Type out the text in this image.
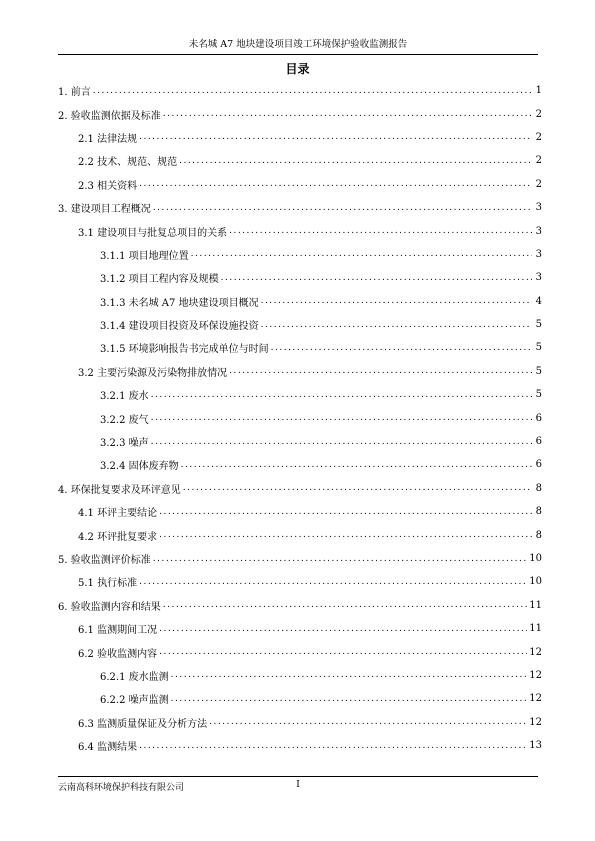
未名城 A7 地块建设项目竣工环境保护验收监测报告
目录
1. 前言 .....	1
2. 验收监测依据及标准 .....	2
2.1 法律法规 .....	2
2.2 技术、规范、规范 .....	2
2.3 相关资料 .....	2
3. 建设项目工程概况 .....	3
3.1 建设项目与批复总项目的关系 .....	3
3.1.1 项目地理位置 .....	3
3.1.2 项目工程内容及规模 .....	3
3.1.3 未名城 A7 地块建设项目概况 .....	4
3.1.4 建设项目投资及环保设施投资 .....	5
3.1.5 环境影响报告书完成单位与时间 .....	5
3.2 主要污染源及污染物排放情况 .....	5
3.2.1 废水 .....	5
3.2.2 废气 .....	6
3.2.3 噪声 .....	6
3.2.4 固体废弃物 .....	6
4. 环保批复要求及环评意见 .....	8
4.1 环评主要结论 .....	8
4.2 环评批复要求 .....	8
5. 验收监测评价标准 .....	10
5.1 执行标准 .....	10
6. 验收监测内容和结果 .....	11
6.1 监测期间工况 .....	11
6.2 验收监测内容 .....	12
6.2.1 废水监测 .....	12
6.2.2 噪声监测 .....	12
6.3 监测质量保证及分析方法 .....	12
6.4 监测结果 .....	13
云南高科环境保护科技有限公司	I
